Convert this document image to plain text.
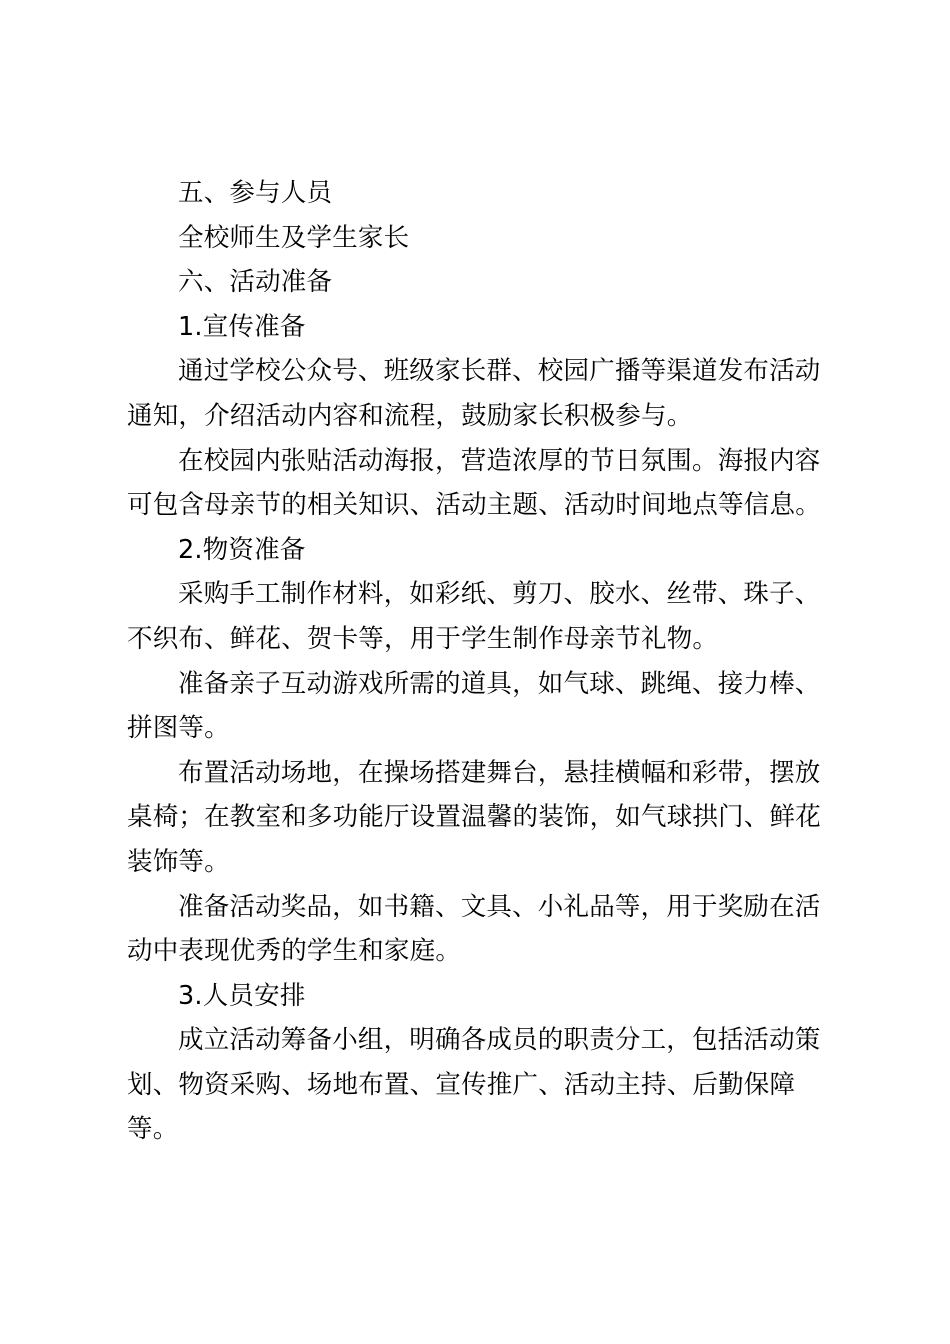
五、参与人员

全校师生及学生家长

六、活动准备

1.宣传准备

通过学校公众号、班级家长群、校园广播等渠道发布活动通知，介绍活动内容和流程，鼓励家长积极参与。

在校园内张贴活动海报，营造浓厚的节日氛围。海报内容可包含母亲节的相关知识、活动主题、活动时间地点等信息。

2.物资准备

采购手工制作材料，如彩纸、剪刀、胶水、丝带、珠子、不织布、鲜花、贺卡等，用于学生制作母亲节礼物。

准备亲子互动游戏所需的道具，如气球、跳绳、接力棒、拼图等。

布置活动场地，在操场搭建舞台，悬挂横幅和彩带，摆放桌椅；在教室和多功能厅设置温馨的装饰，如气球拱门、鲜花装饰等。

准备活动奖品，如书籍、文具、小礼品等，用于奖励在活动中表现优秀的学生和家庭。

3.人员安排

成立活动筹备小组，明确各成员的职责分工，包括活动策划、物资采购、场地布置、宣传推广、活动主持、后勤保障等。
